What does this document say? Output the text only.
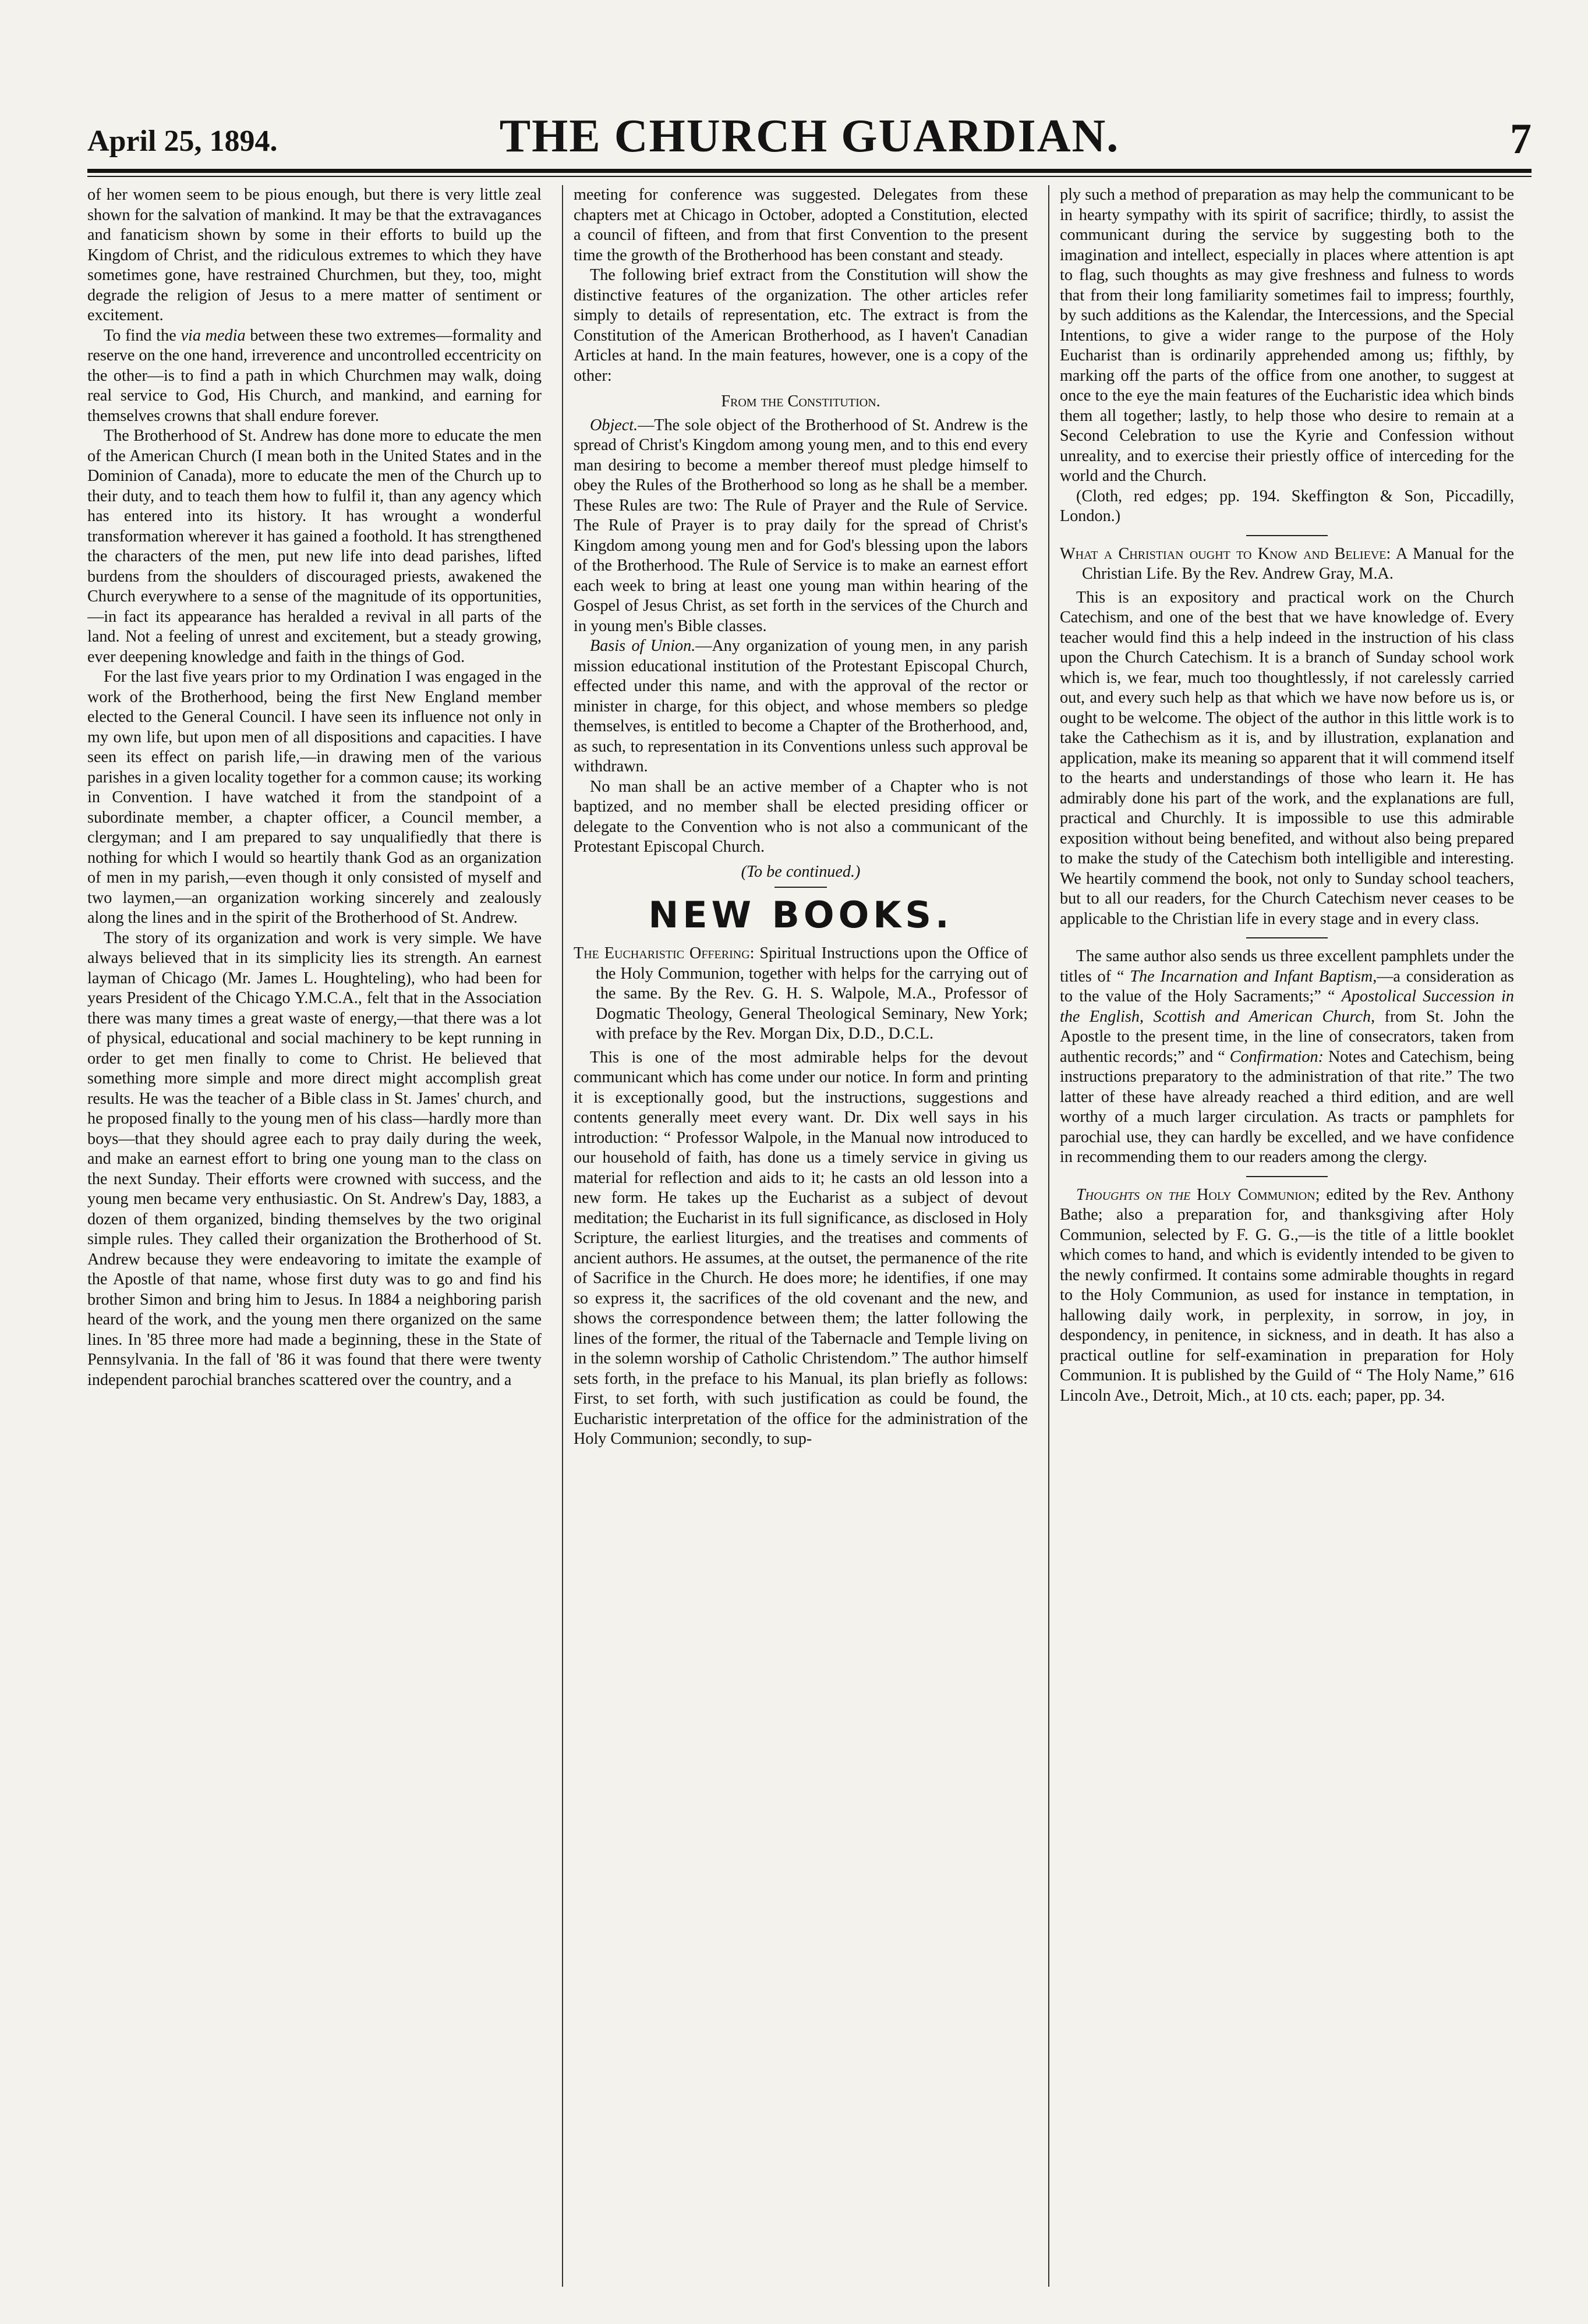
April 25, 1894.	THE CHURCH GUARDIAN.	7

of her women seem to be pious enough, but there is very little zeal shown for the salvation of mankind. It may be that the extravagances and fanaticism shown by some in their efforts to build up the Kingdom of Christ, and the ridiculous extremes to which they have sometimes gone, have restrained Churchmen, but they, too, might degrade the religion of Jesus to a mere matter of sentiment or excitement.

To find the via media between these two extremes—formality and reserve on the one hand, irreverence and uncontrolled eccentricity on the other—is to find a path in which Churchmen may walk, doing real service to God, His Church, and mankind, and earning for themselves crowns that shall endure forever.

The Brotherhood of St. Andrew has done more to educate the men of the American Church (I mean both in the United States and in the Dominion of Canada), more to educate the men of the Church up to their duty, and to teach them how to fulfil it, than any agency which has entered into its history. It has wrought a wonderful transformation wherever it has gained a foothold. It has strengthened the characters of the men, put new life into dead parishes, lifted burdens from the shoulders of discouraged priests, awakened the Church everywhere to a sense of the magnitude of its opportunities,—in fact its appearance has heralded a revival in all parts of the land. Not a feeling of unrest and excitement, but a steady growing, ever deepening knowledge and faith in the things of God.

For the last five years prior to my Ordination I was engaged in the work of the Brotherhood, being the first New England member elected to the General Council. I have seen its influence not only in my own life, but upon men of all dispositions and capacities. I have seen its effect on parish life,—in drawing men of the various parishes in a given locality together for a common cause; its working in Convention. I have watched it from the standpoint of a subordinate member, a chapter officer, a Council member, a clergyman; and I am prepared to say unqualifiedly that there is nothing for which I would so heartily thank God as an organization of men in my parish,—even though it only consisted of myself and two laymen,—an organization working sincerely and zealously along the lines and in the spirit of the Brotherhood of St. Andrew.

The story of its organization and work is very simple. We have always believed that in its simplicity lies its strength. An earnest layman of Chicago (Mr. James L. Houghteling), who had been for years President of the Chicago Y.M.C.A., felt that in the Association there was many times a great waste of energy,—that there was a lot of physical, educational and social machinery to be kept running in order to get men finally to come to Christ. He believed that something more simple and more direct might accomplish great results. He was the teacher of a Bible class in St. James' church, and he proposed finally to the young men of his class—hardly more than boys—that they should agree each to pray daily during the week, and make an earnest effort to bring one young man to the class on the next Sunday. Their efforts were crowned with success, and the young men became very enthusiastic. On St. Andrew's Day, 1883, a dozen of them organized, binding themselves by the two original simple rules. They called their organization the Brotherhood of St. Andrew because they were endeavoring to imitate the example of the Apostle of that name, whose first duty was to go and find his brother Simon and bring him to Jesus. In 1884 a neighboring parish heard of the work, and the young men there organized on the same lines. In '85 three more had made a beginning, these in the State of Pennsylvania. In the fall of '86 it was found that there were twenty independent parochial branches scattered over the country, and a

meeting for conference was suggested. Delegates from these chapters met at Chicago in October, adopted a Constitution, elected a council of fifteen, and from that first Convention to the present time the growth of the Brotherhood has been constant and steady.

The following brief extract from the Constitution will show the distinctive features of the organization. The other articles refer simply to details of representation, etc. The extract is from the Constitution of the American Brotherhood, as I haven't Canadian Articles at hand. In the main features, however, one is a copy of the other:

From the Constitution.

Object.—The sole object of the Brotherhood of St. Andrew is the spread of Christ's Kingdom among young men, and to this end every man desiring to become a member thereof must pledge himself to obey the Rules of the Brotherhood so long as he shall be a member. These Rules are two: The Rule of Prayer and the Rule of Service. The Rule of Prayer is to pray daily for the spread of Christ's Kingdom among young men and for God's blessing upon the labors of the Brotherhood. The Rule of Service is to make an earnest effort each week to bring at least one young man within hearing of the Gospel of Jesus Christ, as set forth in the services of the Church and in young men's Bible classes.

Basis of Union.—Any organization of young men, in any parish mission educational institution of the Protestant Episcopal Church, effected under this name, and with the approval of the rector or minister in charge, for this object, and whose members so pledge themselves, is entitled to become a Chapter of the Brotherhood, and, as such, to representation in its Conventions unless such approval be withdrawn.

No man shall be an active member of a Chapter who is not baptized, and no member shall be elected presiding officer or delegate to the Convention who is not also a communicant of the Protestant Episcopal Church.

(To be continued.)

NEW BOOKS.

The Eucharistic Offering: Spiritual Instructions upon the Office of the Holy Communion, together with helps for the carrying out of the same. By the Rev. G. H. S. Walpole, M.A., Professor of Dogmatic Theology, General Theological Seminary, New York; with preface by the Rev. Morgan Dix, D.D., D.C.L.

This is one of the most admirable helps for the devout communicant which has come under our notice. In form and printing it is exceptionally good, but the instructions, suggestions and contents generally meet every want. Dr. Dix well says in his introduction: “ Professor Walpole, in the Manual now introduced to our household of faith, has done us a timely service in giving us material for reflection and aids to it; he casts an old lesson into a new form. He takes up the Eucharist as a subject of devout meditation; the Eucharist in its full significance, as disclosed in Holy Scripture, the earliest liturgies, and the treatises and comments of ancient authors. He assumes, at the outset, the permanence of the rite of Sacrifice in the Church. He does more; he identifies, if one may so express it, the sacrifices of the old covenant and the new, and shows the correspondence between them; the latter following the lines of the former, the ritual of the Tabernacle and Temple living on in the solemn worship of Catholic Christendom.” The author himself sets forth, in the preface to his Manual, its plan briefly as follows: First, to set forth, with such justification as could be found, the Eucharistic interpretation of the office for the administration of the Holy Communion; secondly, to sup-

ply such a method of preparation as may help the communicant to be in hearty sympathy with its spirit of sacrifice; thirdly, to assist the communicant during the service by suggesting both to the imagination and intellect, especially in places where attention is apt to flag, such thoughts as may give freshness and fulness to words that from their long familiarity sometimes fail to impress; fourthly, by such additions as the Kalendar, the Intercessions, and the Special Intentions, to give a wider range to the purpose of the Holy Eucharist than is ordinarily apprehended among us; fifthly, by marking off the parts of the office from one another, to suggest at once to the eye the main features of the Eucharistic idea which binds them all together; lastly, to help those who desire to remain at a Second Celebration to use the Kyrie and Confession without unreality, and to exercise their priestly office of interceding for the world and the Church.

(Cloth, red edges; pp. 194. Skeffington & Son, Piccadilly, London.)

What a Christian ought to Know and Believe: A Manual for the Christian Life. By the Rev. Andrew Gray, M.A.

This is an expository and practical work on the Church Catechism, and one of the best that we have knowledge of. Every teacher would find this a help indeed in the instruction of his class upon the Church Catechism. It is a branch of Sunday school work which is, we fear, much too thoughtlessly, if not carelessly carried out, and every such help as that which we have now before us is, or ought to be welcome. The object of the author in this little work is to take the Cathechism as it is, and by illustration, explanation and application, make its meaning so apparent that it will commend itself to the hearts and understandings of those who learn it. He has admirably done his part of the work, and the explanations are full, practical and Churchly. It is impossible to use this admirable exposition without being benefited, and without also being prepared to make the study of the Catechism both intelligible and interesting. We heartily commend the book, not only to Sunday school teachers, but to all our readers, for the Church Catechism never ceases to be applicable to the Christian life in every stage and in every class.

The same author also sends us three excellent pamphlets under the titles of “ The Incarnation and Infant Baptism,—a consideration as to the value of the Holy Sacraments;” “ Apostolical Succession in the English, Scottish and American Church, from St. John the Apostle to the present time, in the line of consecrators, taken from authentic records;” and “ Confirmation: Notes and Catechism, being instructions preparatory to the administration of that rite.” The two latter of these have already reached a third edition, and are well worthy of a much larger circulation. As tracts or pamphlets for parochial use, they can hardly be excelled, and we have confidence in recommending them to our readers among the clergy.

Thoughts on the Holy Communion; edited by the Rev. Anthony Bathe; also a preparation for, and thanksgiving after Holy Communion, selected by F. G. G.,—is the title of a little booklet which comes to hand, and which is evidently intended to be given to the newly confirmed. It contains some admirable thoughts in regard to the Holy Communion, as used for instance in temptation, in hallowing daily work, in perplexity, in sorrow, in joy, in despondency, in penitence, in sickness, and in death. It has also a practical outline for self-examination in preparation for Holy Communion. It is published by the Guild of “ The Holy Name,” 616 Lincoln Ave., Detroit, Mich., at 10 cts. each; paper, pp. 34.
